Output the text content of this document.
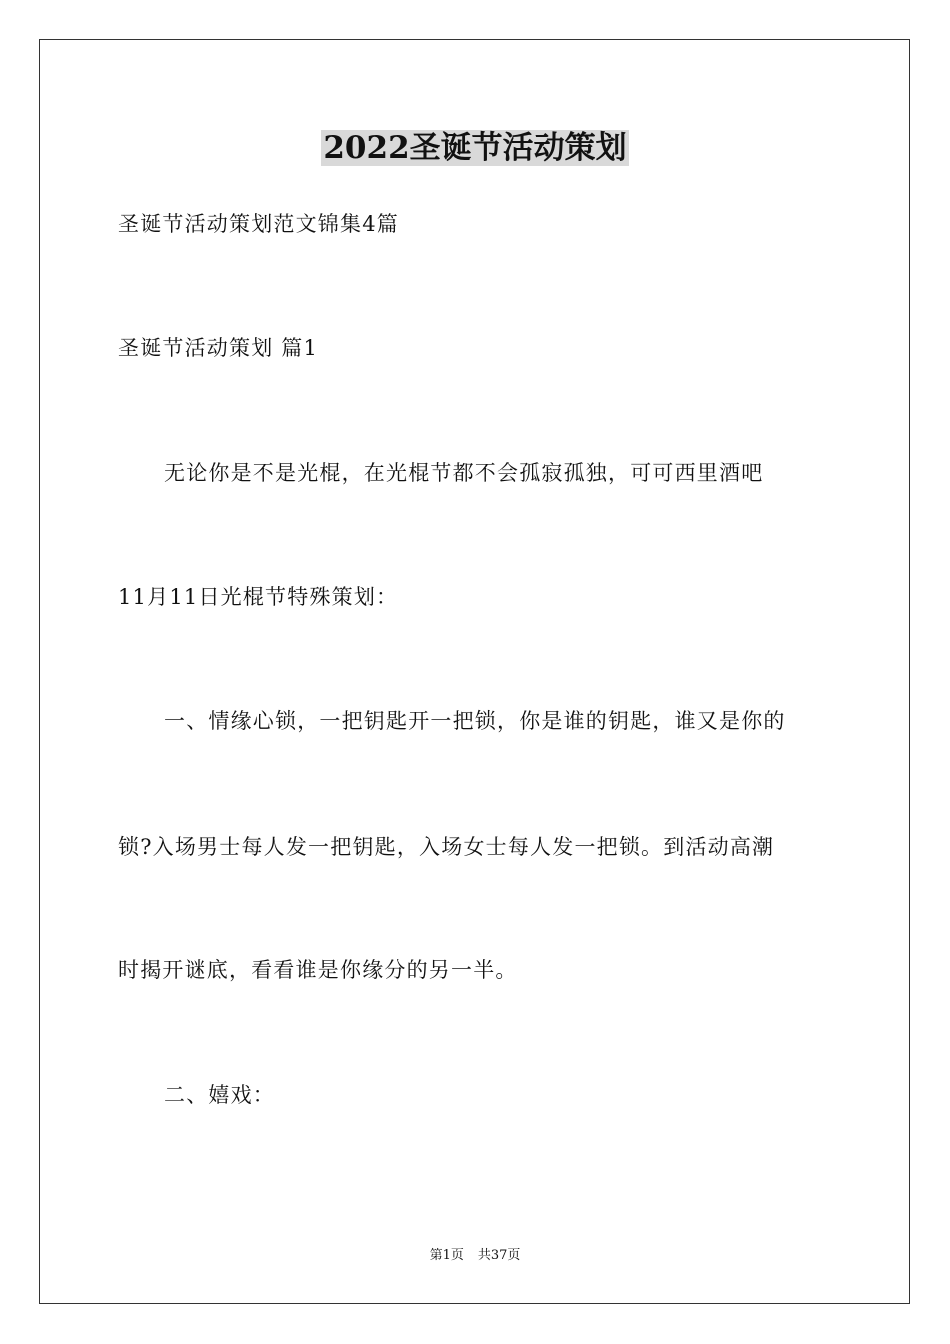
2022圣诞节活动策划
圣诞节活动策划范文锦集4篇
圣诞节活动策划 篇1
无论你是不是光棍，在光棍节都不会孤寂孤独，可可西里酒吧
11月11日光棍节特殊策划：
一、情缘心锁，一把钥匙开一把锁，你是谁的钥匙，谁又是你的
锁?入场男士每人发一把钥匙，入场女士每人发一把锁。到活动高潮
时揭开谜底，看看谁是你缘分的另一半。
二、嬉戏：
第1页 共37页
